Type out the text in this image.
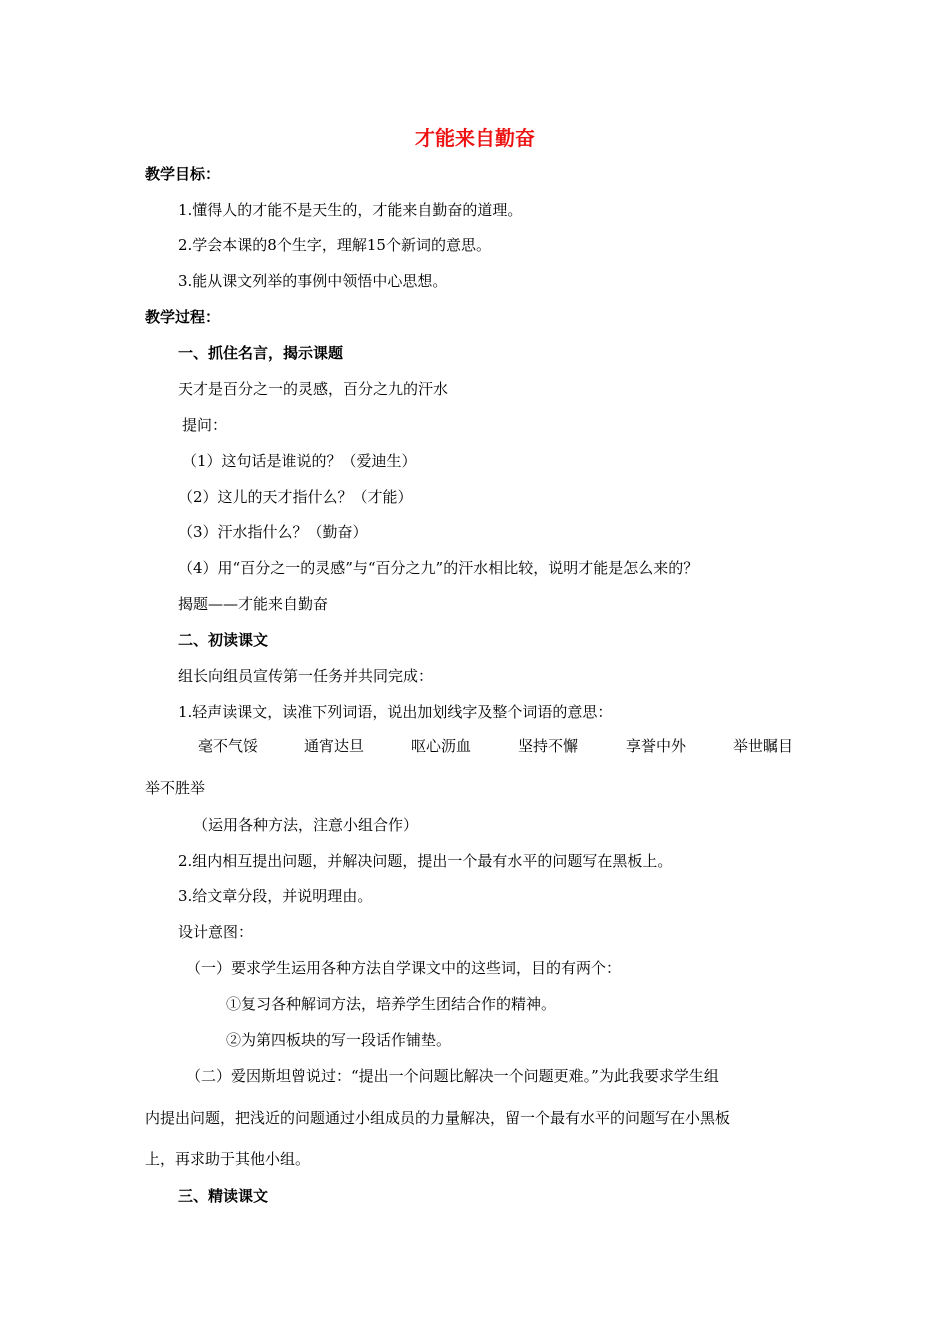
才能来自勤奋
教学目标：
1.懂得人的才能不是天生的，才能来自勤奋的道理。
2.学会本课的8个生字，理解15个新词的意思。
3.能从课文列举的事例中领悟中心思想。
教学过程：
一、抓住名言，揭示课题
天才是百分之一的灵感，百分之九的汗水
提问：
（1）这句话是谁说的？（爱迪生）
（2）这儿的天才指什么？（才能）
（3）汗水指什么？（勤奋）
（4）用“百分之一的灵感”与“百分之九”的汗水相比较，说明才能是怎么来的？
揭题——才能来自勤奋
二、初读课文
组长向组员宣传第一任务并共同完成：
1.轻声读课文，读准下列词语，说出加划线字及整个词语的意思：
毫不气馁	通宵达旦	呕心沥血	坚持不懈	享誉中外	举世瞩目
举不胜举
（运用各种方法，注意小组合作）
2.组内相互提出问题，并解决问题，提出一个最有水平的问题写在黑板上。
3.给文章分段，并说明理由。
设计意图：
（一）要求学生运用各种方法自学课文中的这些词，目的有两个：
①复习各种解词方法，培养学生团结合作的精神。
②为第四板块的写一段话作铺垫。
（二）爱因斯坦曾说过：“提出一个问题比解决一个问题更难。”为此我要求学生组
内提出问题，把浅近的问题通过小组成员的力量解决，留一个最有水平的问题写在小黑板
上，再求助于其他小组。
三、精读课文
